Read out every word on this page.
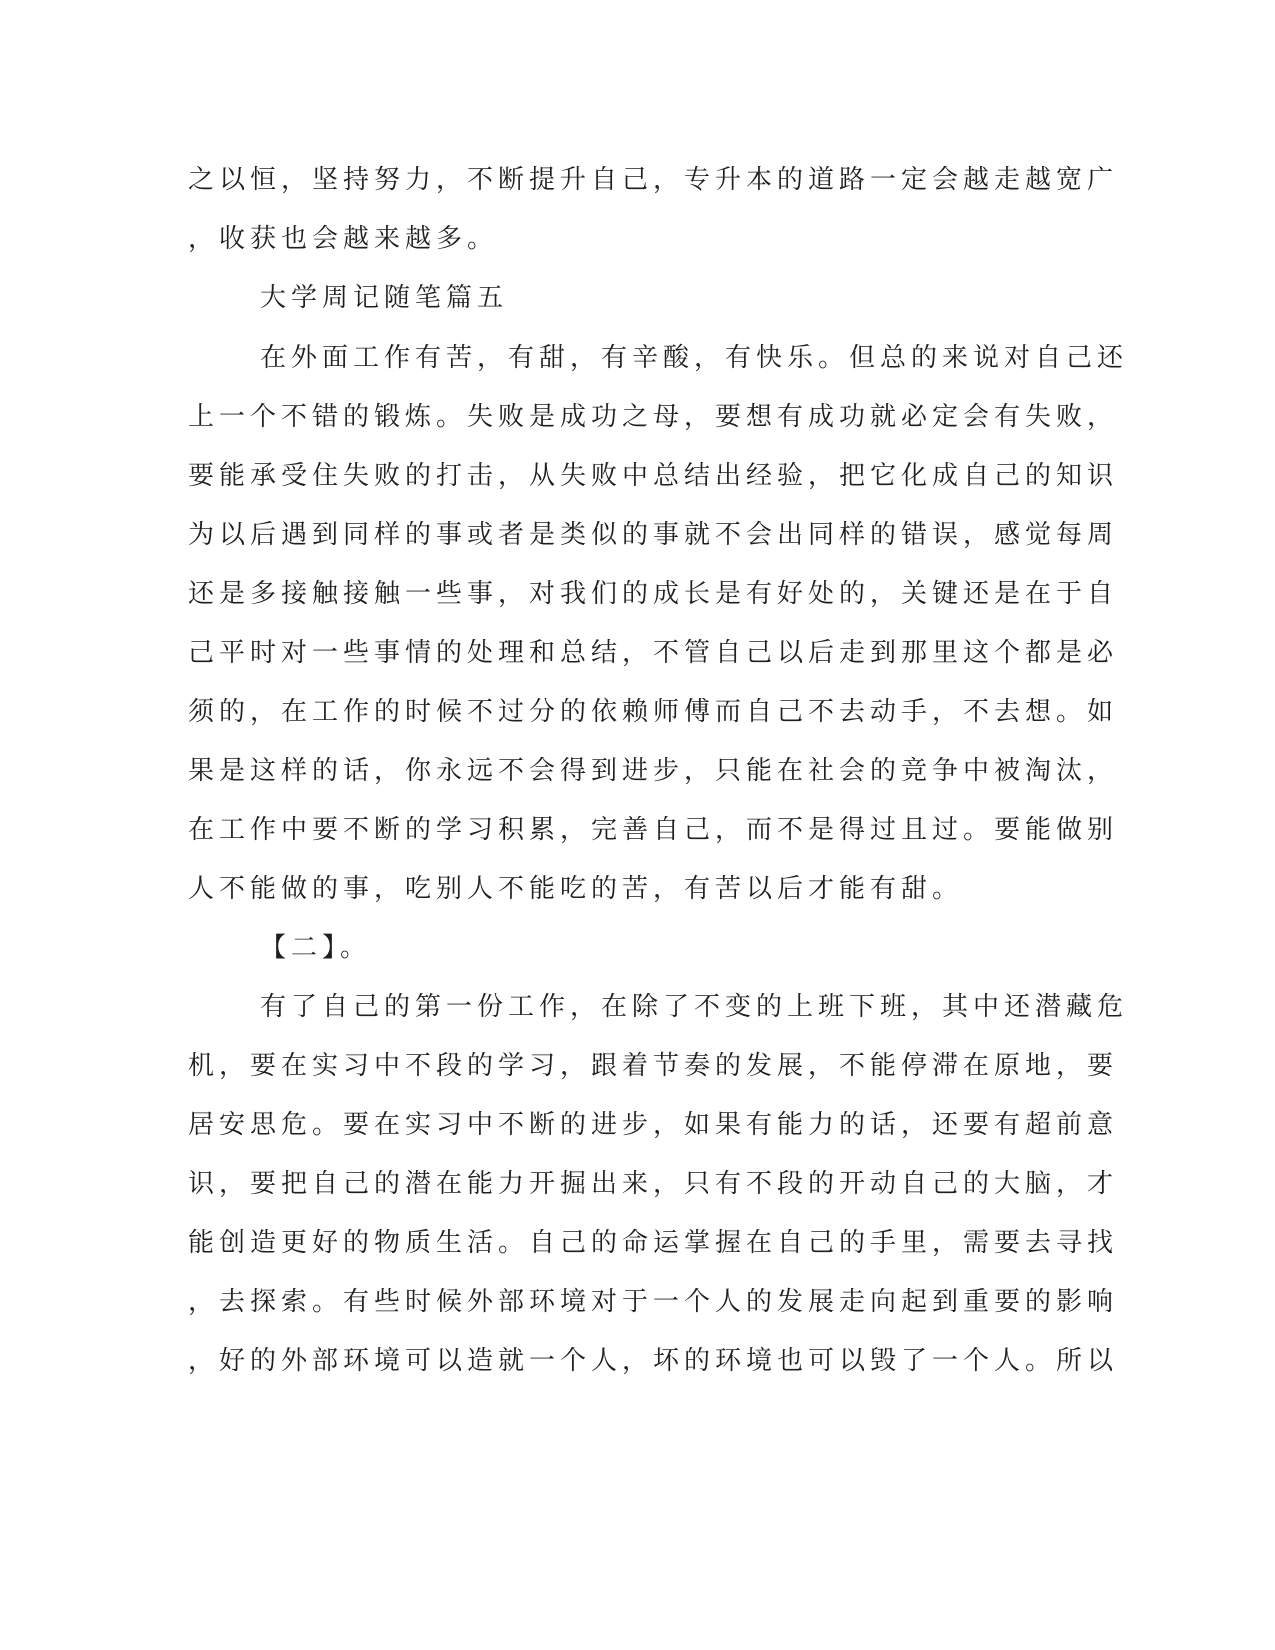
之以恒，坚持努力，不断提升自己，专升本的道路一定会越走越宽广
，收获也会越来越多。
大学周记随笔篇五
在外面工作有苦，有甜，有辛酸，有快乐。但总的来说对自己还
上一个不错的锻炼。失败是成功之母，要想有成功就必定会有失败，
要能承受住失败的打击，从失败中总结出经验，把它化成自己的知识
为以后遇到同样的事或者是类似的事就不会出同样的错误，感觉每周
还是多接触接触一些事，对我们的成长是有好处的，关键还是在于自
己平时对一些事情的处理和总结，不管自己以后走到那里这个都是必
须的，在工作的时候不过分的依赖师傅而自己不去动手，不去想。如
果是这样的话，你永远不会得到进步，只能在社会的竞争中被淘汰，
在工作中要不断的学习积累，完善自己，而不是得过且过。要能做别
人不能做的事，吃别人不能吃的苦，有苦以后才能有甜。
【二】。
有了自己的第一份工作，在除了不变的上班下班，其中还潜藏危
机，要在实习中不段的学习，跟着节奏的发展，不能停滞在原地，要
居安思危。要在实习中不断的进步，如果有能力的话，还要有超前意
识，要把自己的潜在能力开掘出来，只有不段的开动自己的大脑，才
能创造更好的物质生活。自己的命运掌握在自己的手里，需要去寻找
，去探索。有些时候外部环境对于一个人的发展走向起到重要的影响
，好的外部环境可以造就一个人，坏的环境也可以毁了一个人。所以
